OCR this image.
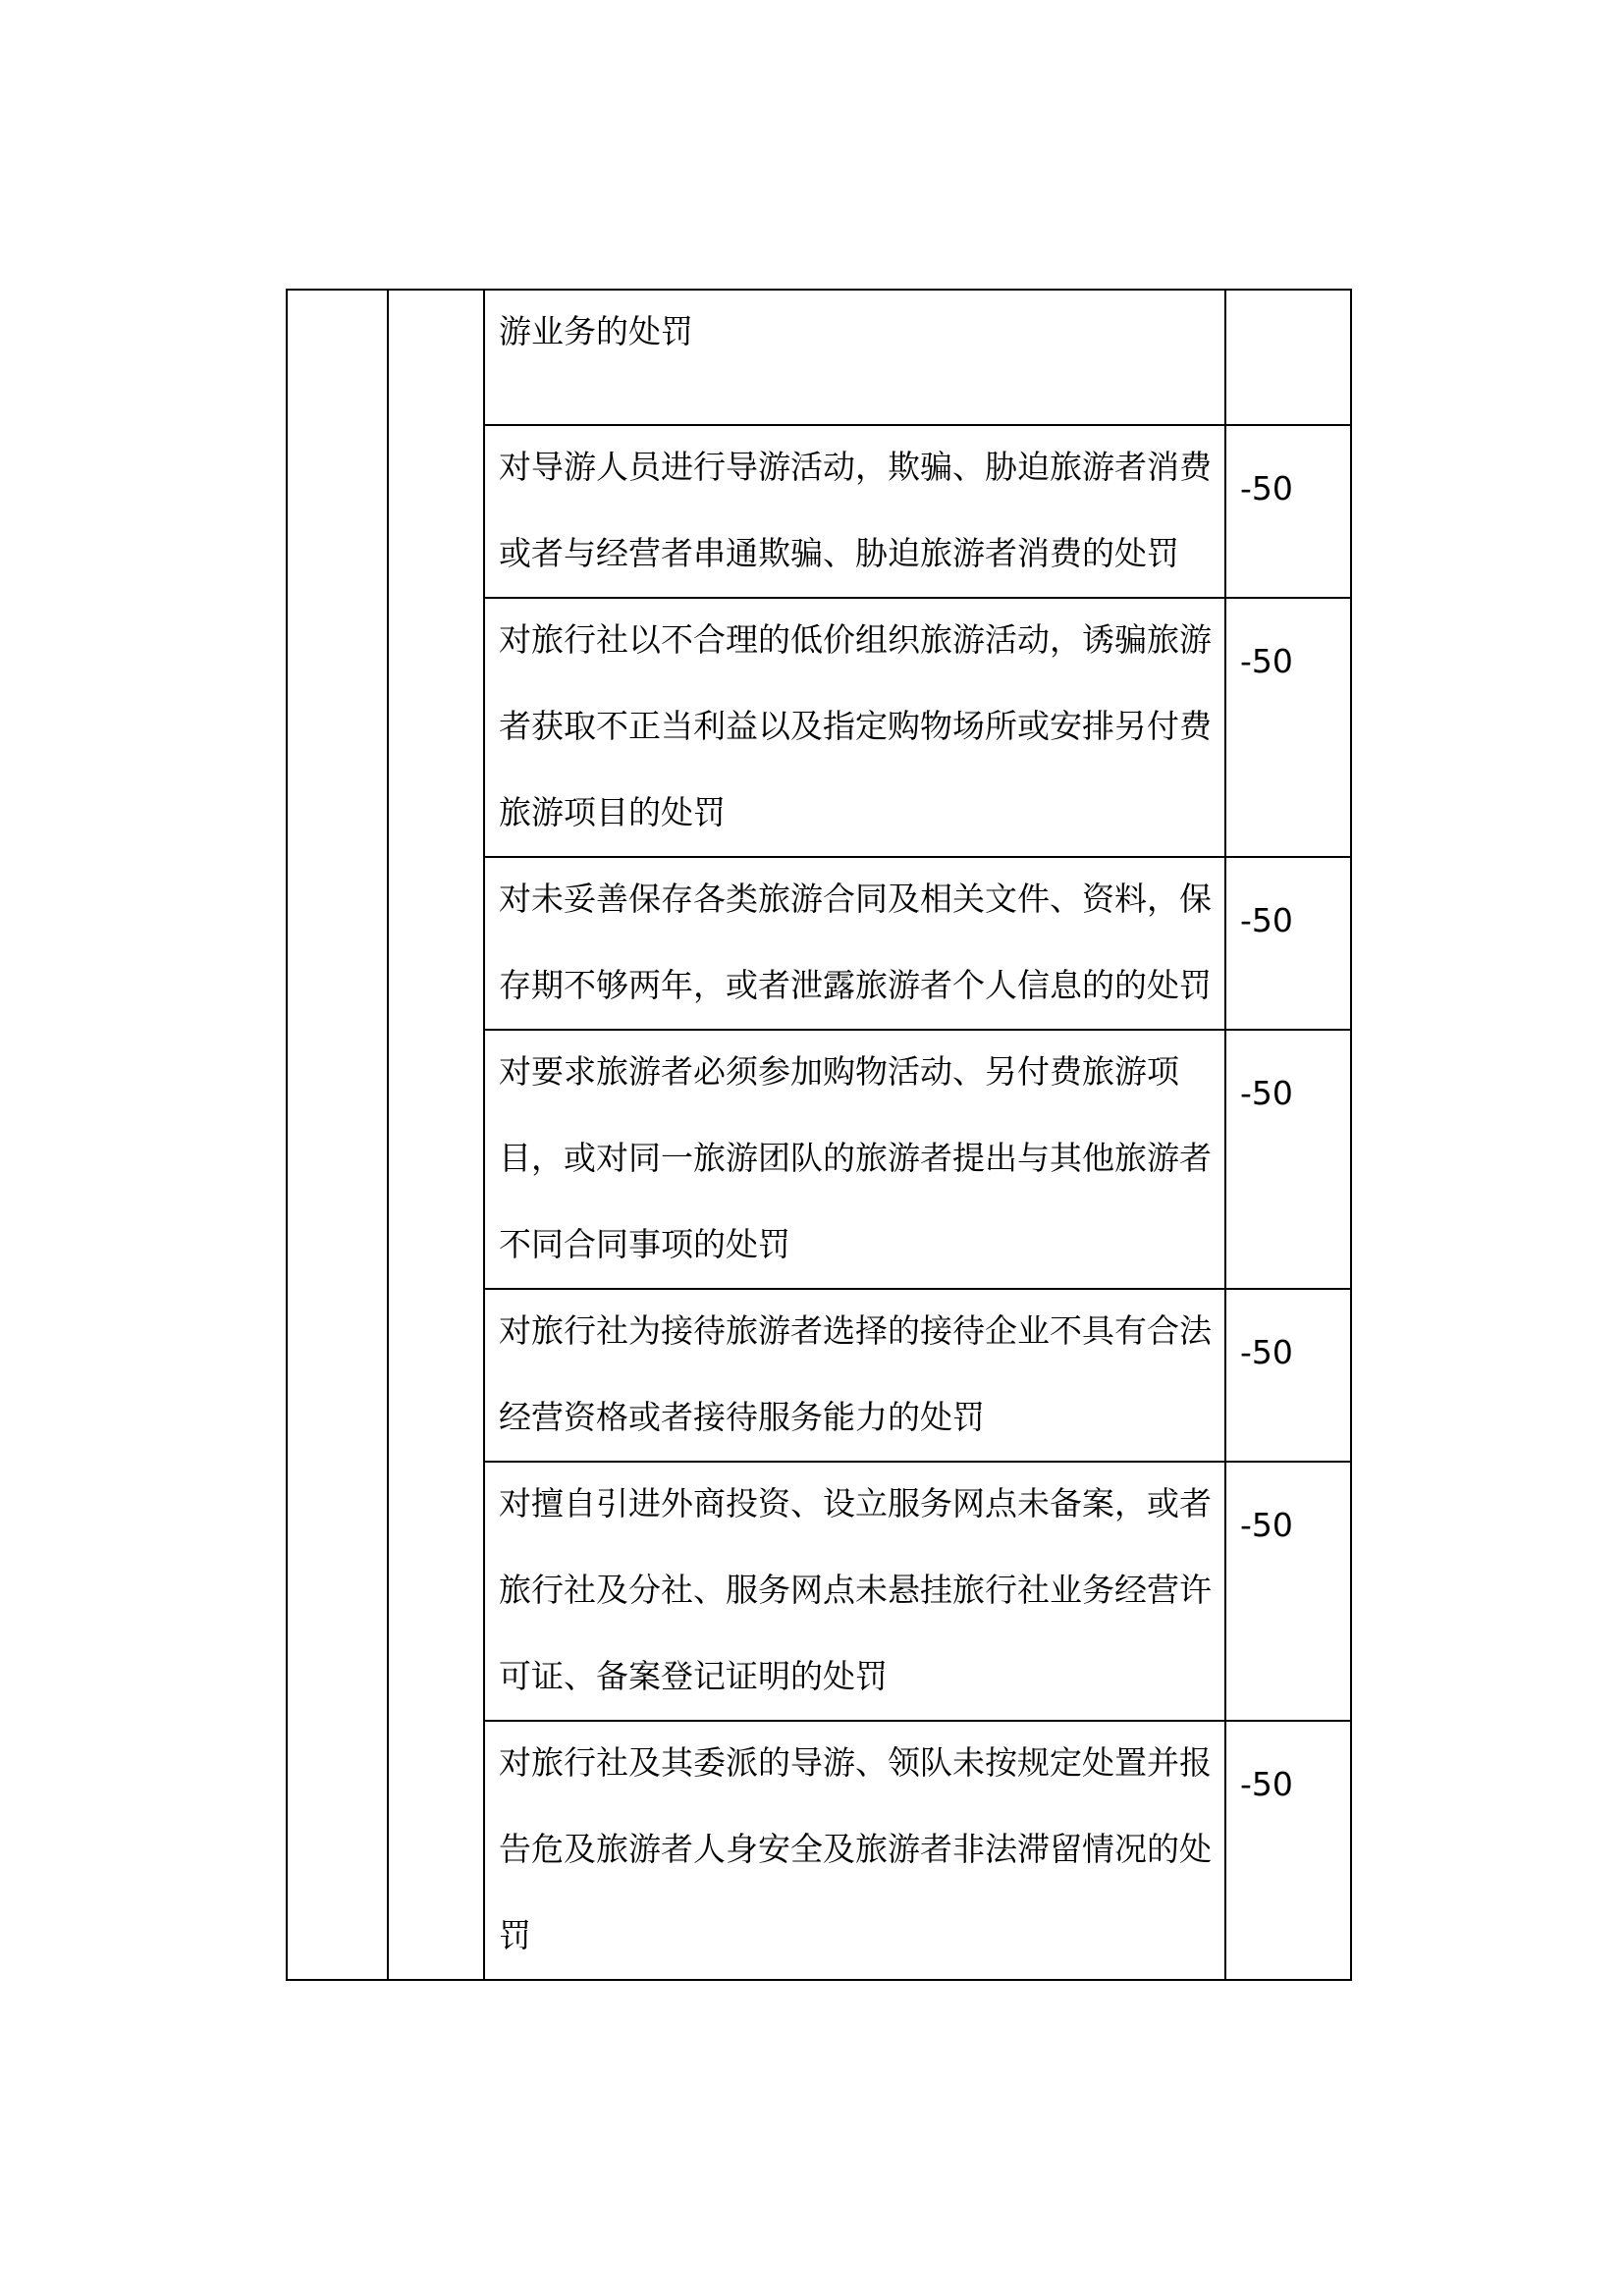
		游业务的处罚	

		对导游人员进行导游活动，欺骗、胁迫旅游者消费或者与经营者串通欺骗、胁迫旅游者消费的处罚	-50

		对旅行社以不合理的低价组织旅游活动，诱骗旅游者获取不正当利益以及指定购物场所或安排另付费旅游项目的处罚	-50

		对未妥善保存各类旅游合同及相关文件、资料，保存期不够两年，或者泄露旅游者个人信息的的处罚	-50

		对要求旅游者必须参加购物活动、另付费旅游项目，或对同一旅游团队的旅游者提出与其他旅游者不同合同事项的处罚	-50

		对旅行社为接待旅游者选择的接待企业不具有合法经营资格或者接待服务能力的处罚	-50

		对擅自引进外商投资、设立服务网点未备案，或者旅行社及分社、服务网点未悬挂旅行社业务经营许可证、备案登记证明的处罚	-50

		对旅行社及其委派的导游、领队未按规定处置并报告危及旅游者人身安全及旅游者非法滞留情况的处罚	-50
